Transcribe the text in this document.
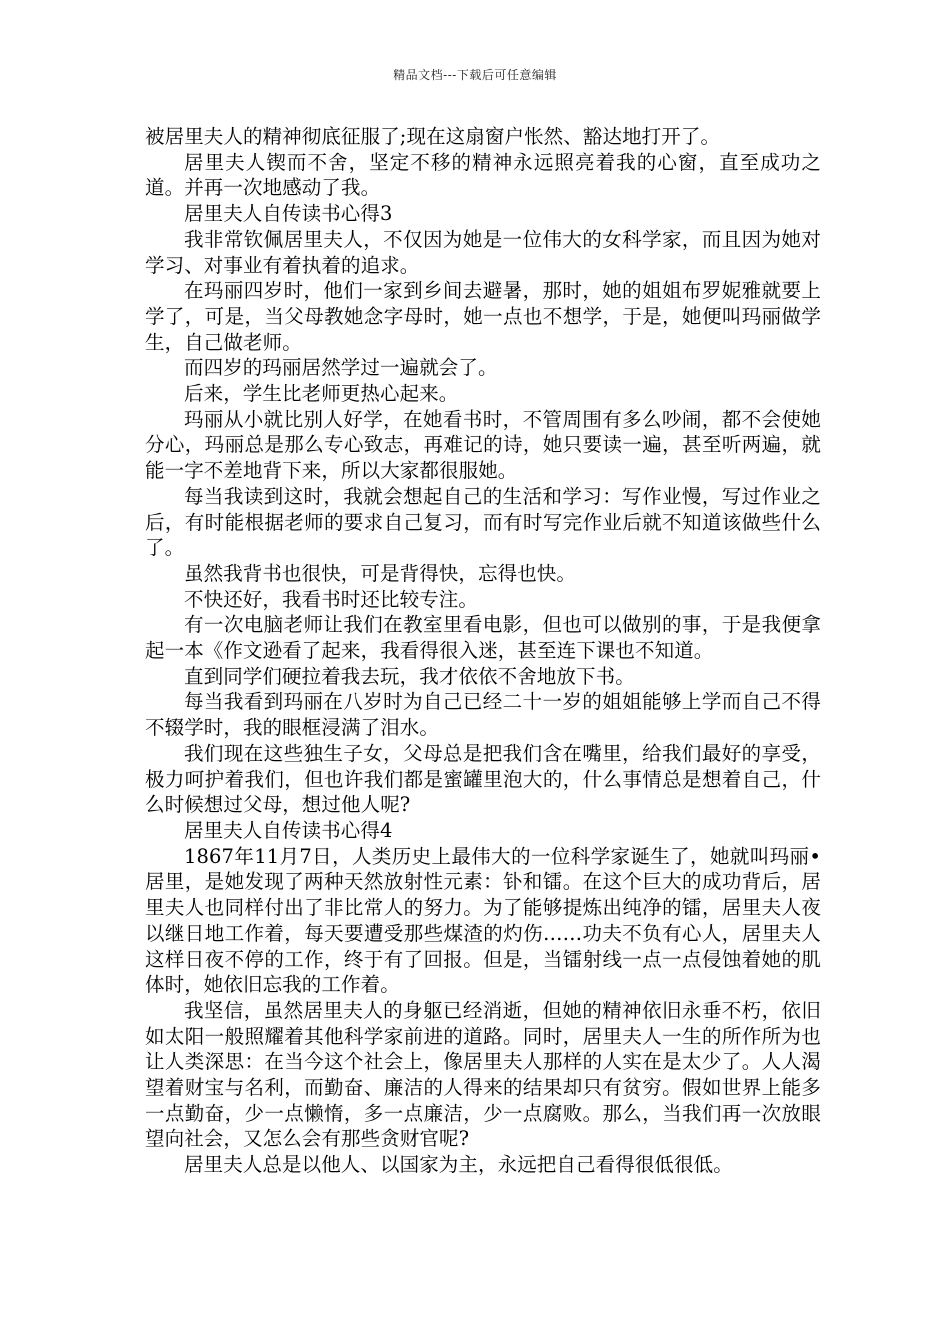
精品文档---下载后可任意编辑

被居里夫人的精神彻底征服了;现在这扇窗户怅然、豁达地打开了。

居里夫人锲而不舍，坚定不移的精神永远照亮着我的心窗，直至成功之道。并再一次地感动了我。

居里夫人自传读书心得3

我非常钦佩居里夫人，不仅因为她是一位伟大的女科学家，而且因为她对学习、对事业有着执着的追求。

在玛丽四岁时，他们一家到乡间去避暑，那时，她的姐姐布罗妮雅就要上学了，可是，当父母教她念字母时，她一点也不想学，于是，她便叫玛丽做学生，自己做老师。

而四岁的玛丽居然学过一遍就会了。

后来，学生比老师更热心起来。

玛丽从小就比别人好学，在她看书时，不管周围有多么吵闹，都不会使她分心，玛丽总是那么专心致志，再难记的诗，她只要读一遍，甚至听两遍，就能一字不差地背下来，所以大家都很服她。

每当我读到这时，我就会想起自己的生活和学习：写作业慢，写过作业之后，有时能根据老师的要求自己复习，而有时写完作业后就不知道该做些什么了。

虽然我背书也很快，可是背得快，忘得也快。

不快还好，我看书时还比较专注。

有一次电脑老师让我们在教室里看电影，但也可以做别的事，于是我便拿起一本《作文逊看了起来，我看得很入迷，甚至连下课也不知道。

直到同学们硬拉着我去玩，我才依依不舍地放下书。

每当我看到玛丽在八岁时为自己已经二十一岁的姐姐能够上学而自己不得不辍学时，我的眼框浸满了泪水。

我们现在这些独生子女，父母总是把我们含在嘴里，给我们最好的享受，极力呵护着我们，但也许我们都是蜜罐里泡大的，什么事情总是想着自己，什么时候想过父母，想过他人呢?

居里夫人自传读书心得4

1867年11月7日，人类历史上最伟大的一位科学家诞生了，她就叫玛丽•居里，是她发现了两种天然放射性元素：钋和镭。在这个巨大的成功背后，居里夫人也同样付出了非比常人的努力。为了能够提炼出纯净的镭，居里夫人夜以继日地工作着，每天要遭受那些煤渣的灼伤……功夫不负有心人，居里夫人这样日夜不停的工作，终于有了回报。但是，当镭射线一点一点侵蚀着她的肌体时，她依旧忘我的工作着。

我坚信，虽然居里夫人的身躯已经消逝，但她的精神依旧永垂不朽，依旧如太阳一般照耀着其他科学家前进的道路。同时，居里夫人一生的所作所为也让人类深思：在当今这个社会上，像居里夫人那样的人实在是太少了。人人渴望着财宝与名利，而勤奋、廉洁的人得来的结果却只有贫穷。假如世界上能多一点勤奋，少一点懒惰，多一点廉洁，少一点腐败。那么，当我们再一次放眼望向社会，又怎么会有那些贪财官呢?

居里夫人总是以他人、以国家为主，永远把自己看得很低很低。
